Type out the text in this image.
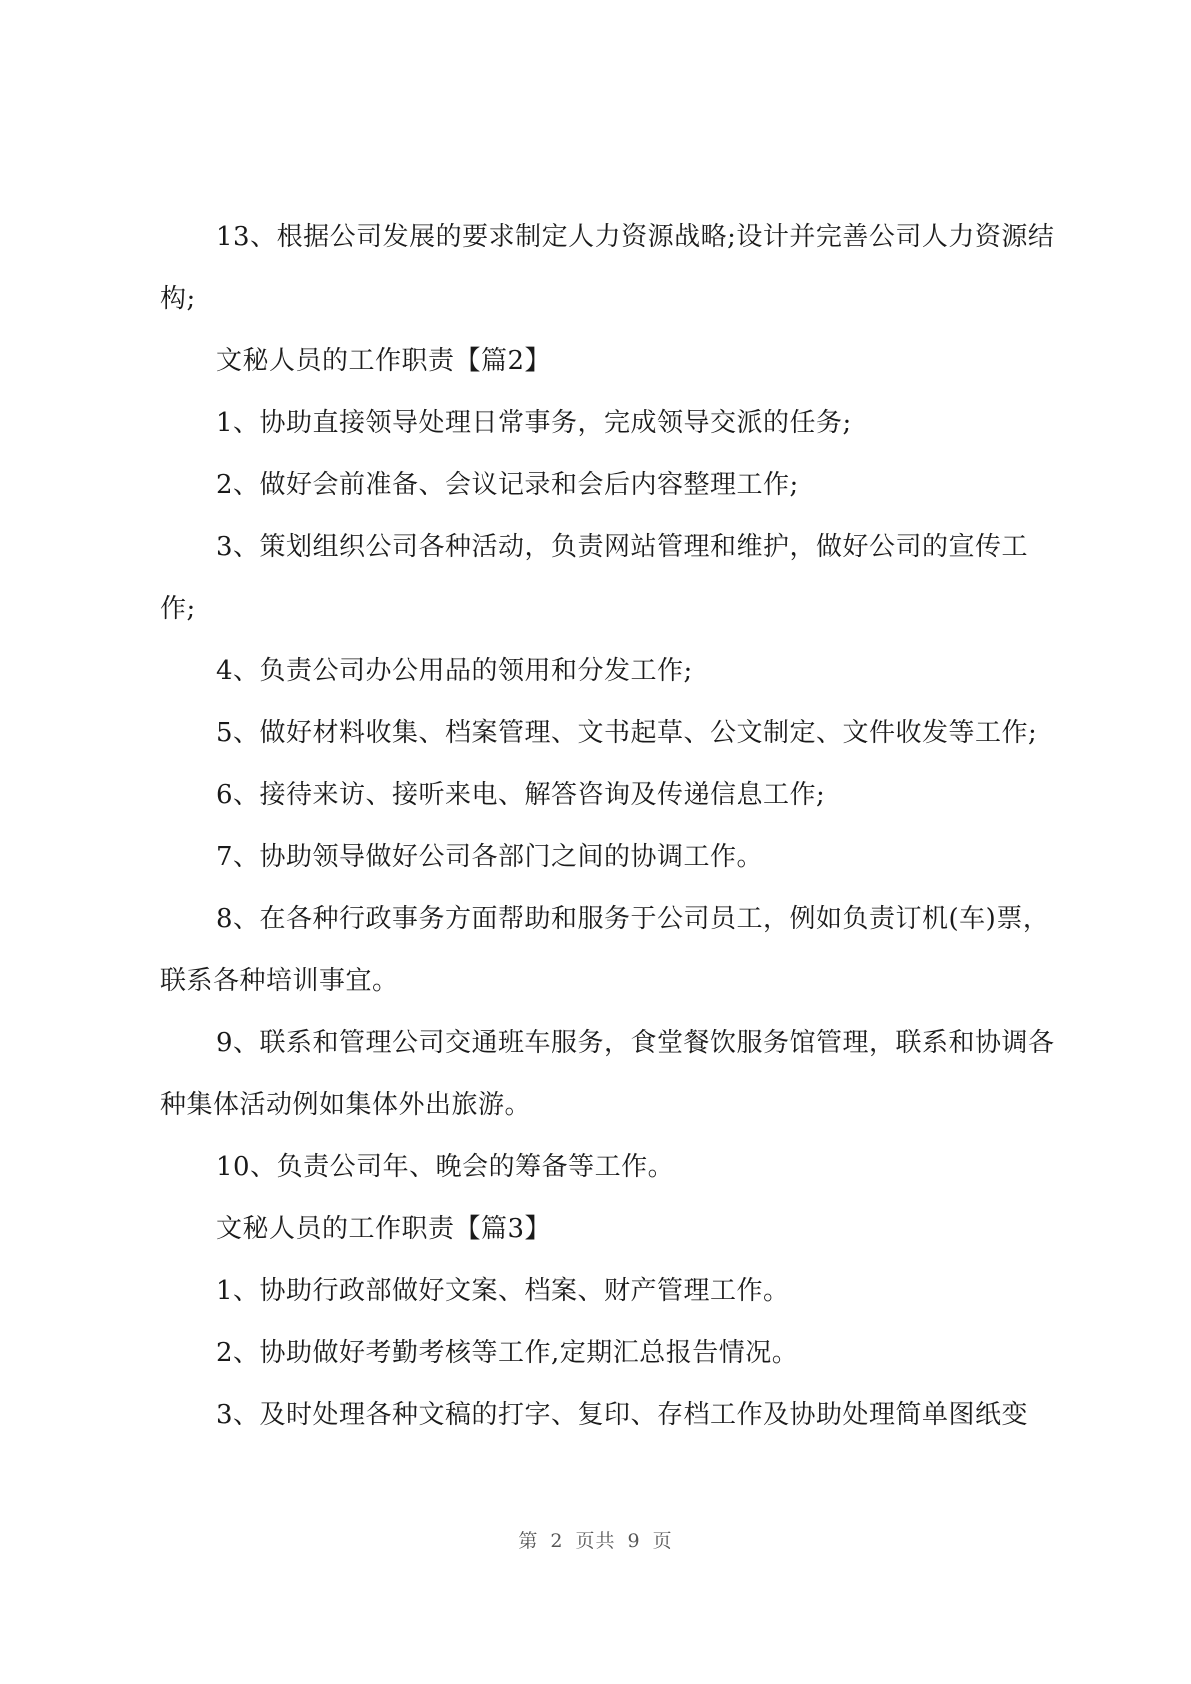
13、根据公司发展的要求制定人力资源战略;设计并完善公司人力资源结构;

文秘人员的工作职责【篇2】

1、协助直接领导处理日常事务，完成领导交派的任务;

2、做好会前准备、会议记录和会后内容整理工作;

3、策划组织公司各种活动，负责网站管理和维护，做好公司的宣传工作;

4、负责公司办公用品的领用和分发工作;

5、做好材料收集、档案管理、文书起草、公文制定、文件收发等工作;

6、接待来访、接听来电、解答咨询及传递信息工作;

7、协助领导做好公司各部门之间的协调工作。

8、在各种行政事务方面帮助和服务于公司员工，例如负责订机(车)票，联系各种培训事宜。

9、联系和管理公司交通班车服务，食堂餐饮服务馆管理，联系和协调各种集体活动例如集体外出旅游。

10、负责公司年、晚会的筹备等工作。

文秘人员的工作职责【篇3】

1、协助行政部做好文案、档案、财产管理工作。

2、协助做好考勤考核等工作,定期汇总报告情况。

3、及时处理各种文稿的打字、复印、存档工作及协助处理简单图纸变

第 2 页共 9 页
